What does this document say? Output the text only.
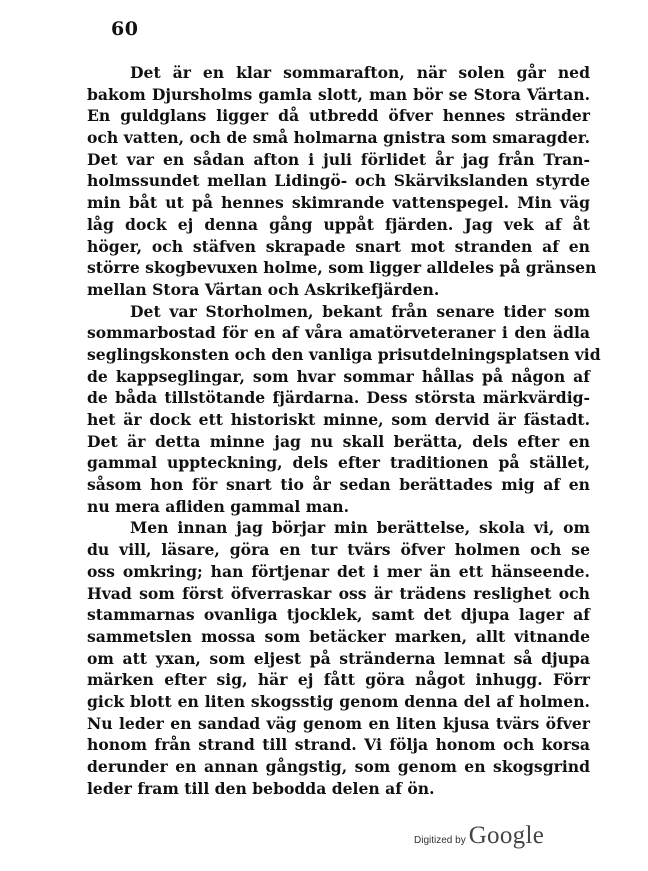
60
Det är en klar sommarafton, när solen går ned
bakom Djursholms gamla slott, man bör se Stora Värtan.
En guldglans ligger då utbredd öfver hennes stränder
och vatten, och de små holmarna gnistra som smaragder.
Det var en sådan afton i juli förlidet år jag från Tran-
holmssundet mellan Lidingö- och Skärvikslanden styrde
min båt ut på hennes skimrande vattenspegel. Min väg
låg dock ej denna gång uppåt fjärden. Jag vek af åt
höger, och stäfven skrapade snart mot stranden af en
större skogbevuxen holme, som ligger alldeles på gränsen
mellan Stora Värtan och Askrikefjärden.
Det var Storholmen, bekant från senare tider som
sommarbostad för en af våra amatörveteraner i den ädla
seglingskonsten och den vanliga prisutdelningsplatsen vid
de kappseglingar, som hvar sommar hållas på någon af
de båda tillstötande fjärdarna. Dess största märkvärdig-
het är dock ett historiskt minne, som dervid är fästadt.
Det är detta minne jag nu skall berätta, dels efter en
gammal uppteckning, dels efter traditionen på stället,
såsom hon för snart tio år sedan berättades mig af en
nu mera afliden gammal man.
Men innan jag börjar min berättelse, skola vi, om
du vill, läsare, göra en tur tvärs öfver holmen och se
oss omkring; han förtjenar det i mer än ett hänseende.
Hvad som först öfverraskar oss är trädens reslighet och
stammarnas ovanliga tjocklek, samt det djupa lager af
sammetslen mossa som betäcker marken, allt vitnande
om att yxan, som eljest på stränderna lemnat så djupa
märken efter sig, här ej fått göra något inhugg. Förr
gick blott en liten skogsstig genom denna del af holmen.
Nu leder en sandad väg genom en liten kjusa tvärs öfver
honom från strand till strand. Vi följa honom och korsa
derunder en annan gångstig, som genom en skogsgrind
leder fram till den bebodda delen af ön.
Digitized by Google
